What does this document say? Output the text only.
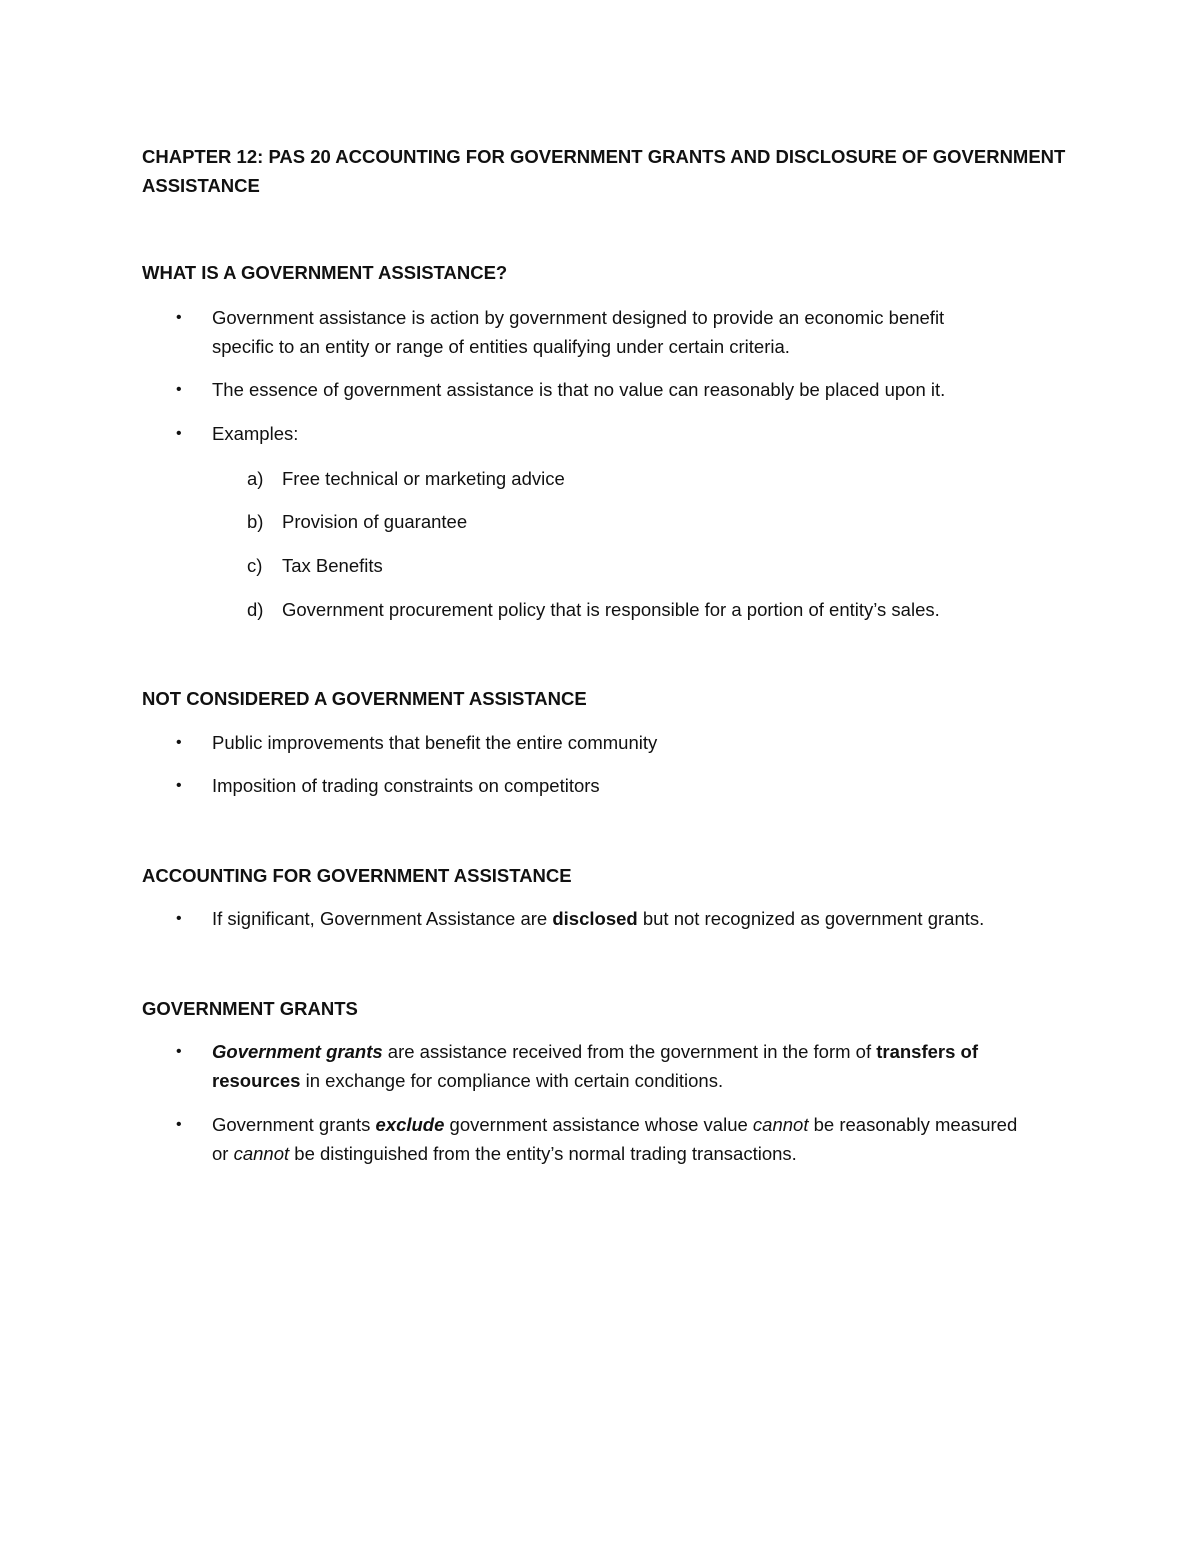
CHAPTER 12: PAS 20 ACCOUNTING FOR GOVERNMENT GRANTS AND DISCLOSURE OF GOVERNMENT

ASSISTANCE

WHAT IS A GOVERNMENT ASSISTANCE?

• Government assistance is action by government designed to provide an economic benefit

specific to an entity or range of entities qualifying under certain criteria.

• The essence of government assistance is that no value can reasonably be placed upon it.

• Examples:

a) Free technical or marketing advice

b) Provision of guarantee

c) Tax Benefits

d) Government procurement policy that is responsible for a portion of entity’s sales.

NOT CONSIDERED A GOVERNMENT ASSISTANCE

• Public improvements that benefit the entire community

• Imposition of trading constraints on competitors

ACCOUNTING FOR GOVERNMENT ASSISTANCE

• If significant, Government Assistance are disclosed but not recognized as government grants.

GOVERNMENT GRANTS

• Government grants are assistance received from the government in the form of transfers of

resources in exchange for compliance with certain conditions.

• Government grants exclude government assistance whose value cannot be reasonably measured

or cannot be distinguished from the entity’s normal trading transactions.
